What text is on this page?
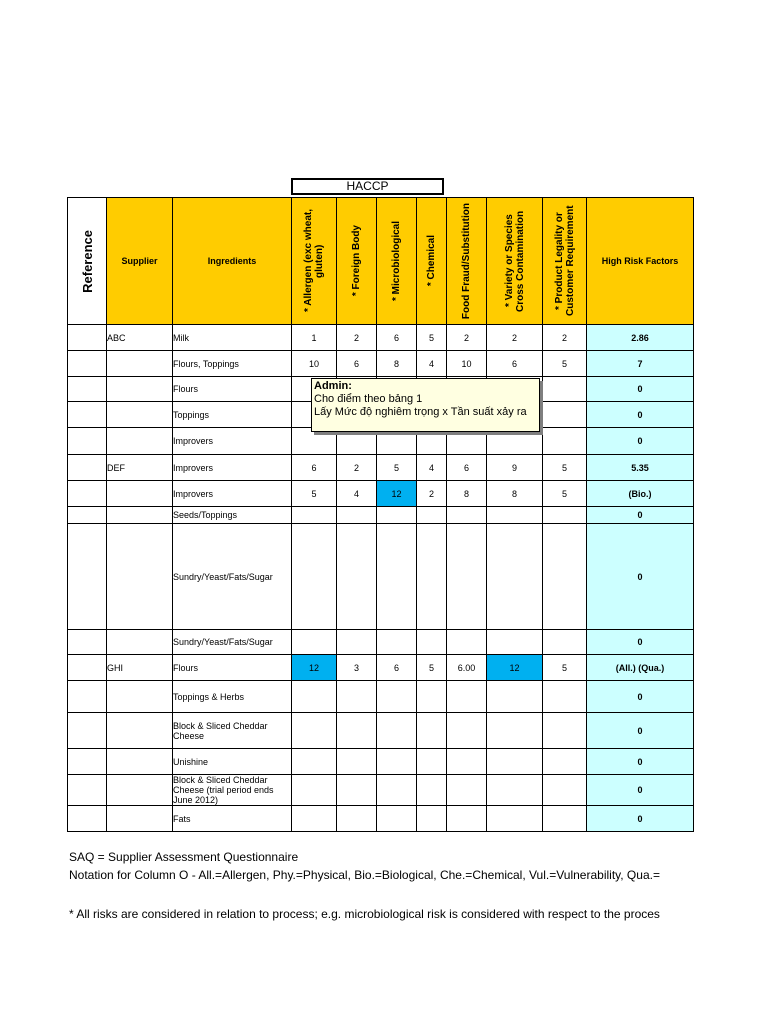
HACCP
Reference	Supplier	Ingredients	* Allergen (exc wheat, gluten)	* Foreign Body	* Microbiological	* Chemical	Food Fraud/Substitution	* Variety or Species Cross Contamination	* Product Legality or Customer Requirement	High Risk Factors
	ABC	Milk	1	2	6	5	2	2	2	2.86
		Flours, Toppings	10	6	8	4	10	6	5	7
		Flours								0
		Toppings								0
		Improvers								0
	DEF	Improvers	6	2	5	4	6	9	5	5.35
		Improvers	5	4	12	2	8	8	5	(Bio.)
		Seeds/Toppings								0
		Sundry/Yeast/Fats/Sugar								0
		Sundry/Yeast/Fats/Sugar								0
	GHI	Flours	12	3	6	5	6.00	12	5	(All.) (Qua.)
		Toppings & Herbs								0
		Block & Sliced Cheddar Cheese								0
		Unishine								0
		Block & Sliced Cheddar Cheese (trial period ends June 2012)								0
		Fats								0
Admin:
Cho điểm theo bảng 1
Lấy Mức độ nghiêm trọng x Tần suất xảy ra
SAQ = Supplier Assessment Questionnaire
Notation for Column O - All.=Allergen, Phy.=Physical, Bio.=Biological, Che.=Chemical, Vul.=Vulnerability, Qua.=
* All risks are considered in relation to process; e.g. microbiological risk is considered with respect to the proces
